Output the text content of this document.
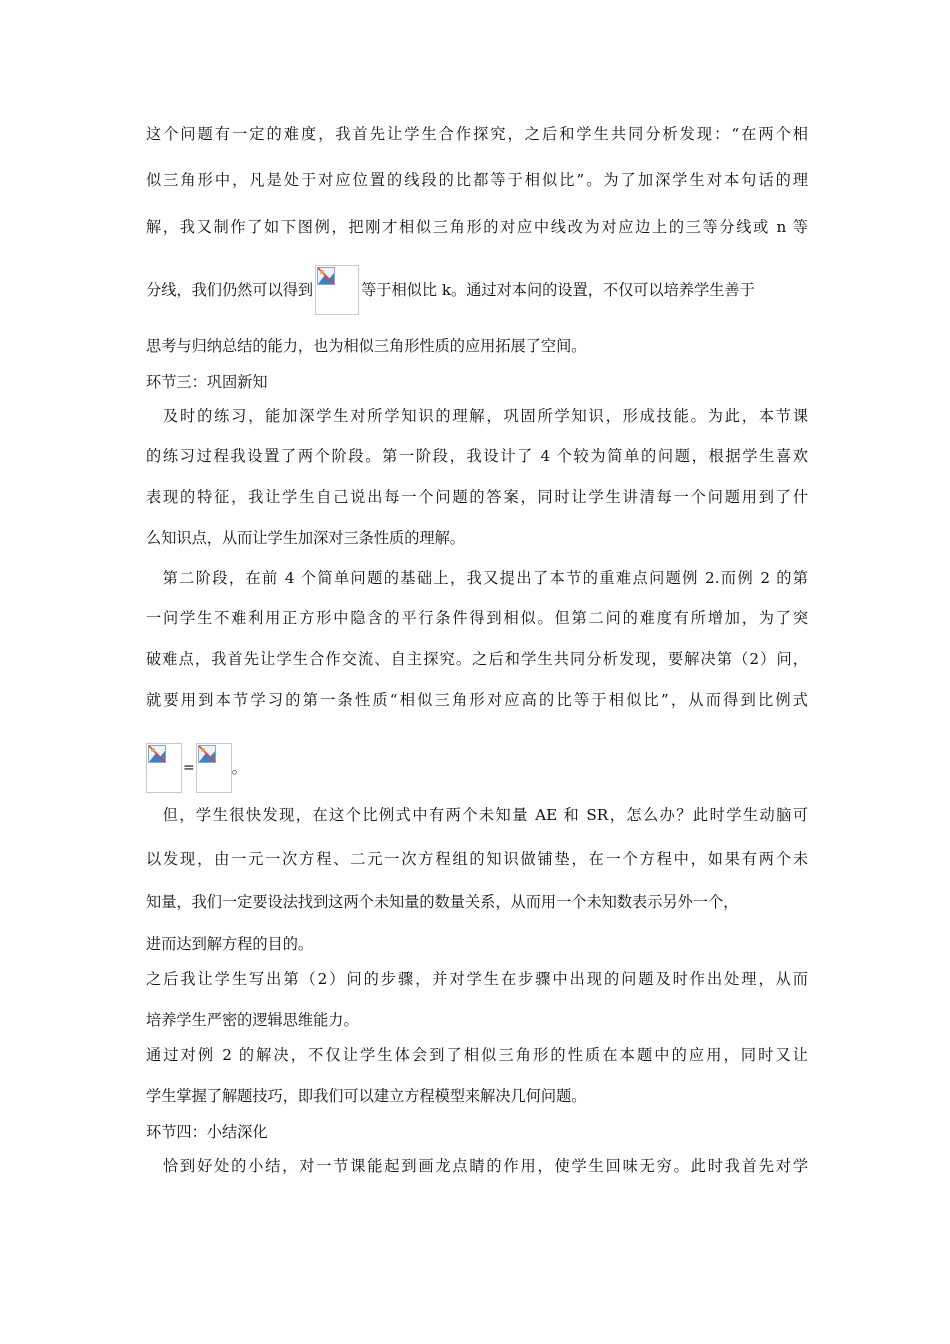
这个问题有一定的难度，我首先让学生合作探究，之后和学生共同分析发现：“在两个相
似三角形中，凡是处于对应位置的线段的比都等于相似比”。为了加深学生对本句话的理
解，我又制作了如下图例，把刚才相似三角形的对应中线改为对应边上的三等分线或 n 等
分线，我们仍然可以得到	等于相似比 k。通过对本问的设置，不仅可以培养学生善于
思考与归纳总结的能力，也为相似三角形性质的应用拓展了空间。
环节三：巩固新知
　及时的练习，能加深学生对所学知识的理解，巩固所学知识，形成技能。为此，本节课
的练习过程我设置了两个阶段。第一阶段，我设计了 4 个较为简单的问题，根据学生喜欢
表现的特征，我让学生自己说出每一个问题的答案，同时让学生讲清每一个问题用到了什
么知识点，从而让学生加深对三条性质的理解。
　第二阶段，在前 4 个简单问题的基础上，我又提出了本节的重难点问题例 2.而例 2 的第
一问学生不难利用正方形中隐含的平行条件得到相似。但第二问的难度有所增加，为了突
破难点，我首先让学生合作交流、自主探究。之后和学生共同分析发现，要解决第（2）问，
就要用到本节学习的第一条性质“相似三角形对应高的比等于相似比”，从而得到比例式
= 。
　但，学生很快发现，在这个比例式中有两个未知量 AE 和 SR，怎么办？此时学生动脑可
以发现，由一元一次方程、二元一次方程组的知识做铺垫，在一个方程中，如果有两个未
知量，我们一定要设法找到这两个未知量的数量关系，从而用一个未知数表示另外一个，
进而达到解方程的目的。
之后我让学生写出第（2）问的步骤，并对学生在步骤中出现的问题及时作出处理，从而
培养学生严密的逻辑思维能力。
通过对例 2 的解决，不仅让学生体会到了相似三角形的性质在本题中的应用，同时又让
学生掌握了解题技巧，即我们可以建立方程模型来解决几何问题。
环节四：小结深化
　恰到好处的小结，对一节课能起到画龙点睛的作用，使学生回味无穷。此时我首先对学
